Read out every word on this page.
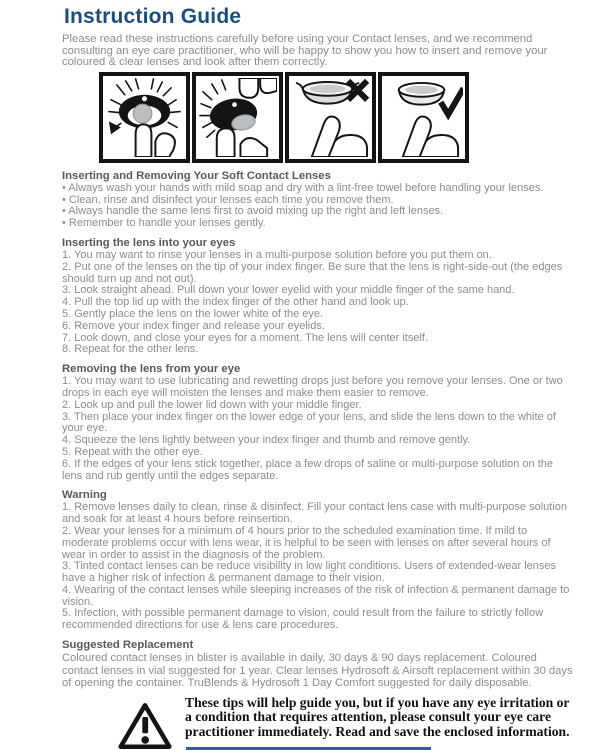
Instruction Guide

Please read these instructions carefully before using your Contact lenses, and we recommend consulting an eye care practitioner, who will be happy to show you how to insert and remove your coloured & clear lenses and look after them correctly.

Inserting and Removing Your Soft Contact Lenses
• Always wash your hands with mild soap and dry with a lint-free towel before handling your lenses.
• Clean, rinse and disinfect your lenses each time you remove them.
• Always handle the same lens first to avoid mixing up the right and left lenses.
• Remember to handle your lenses gently.
Inserting the lens into your eyes
1. You may want to rinse your lenses in a multi-purpose solution before you put them on.
2. Put one of the lenses on the tip of your index finger. Be sure that the lens is right-side-out (the edges should turn up and not out).
3. Look straight ahead. Pull down your lower eyelid with your middle finger of the same hand.
4. Pull the top lid up with the index finger of the other hand and look up.
5. Gently place the lens on the lower white of the eye.
6. Remove your index finger and release your eyelids.
7. Look down, and close your eyes for a moment. The lens will center itself.
8. Repeat for the other lens.
Removing the lens from your eye
1. You may want to use lubricating and rewetting drops just before you remove your lenses. One or two drops in each eye will moisten the lenses and make them easier to remove.
2. Look up and pull the lower lid down with your middle finger.
3. Then place your index finger on the lower edge of your lens, and slide the lens down to the white of your eye.
4. Squeeze the lens lightly between your index finger and thumb and remove gently.
5. Repeat with the other eye.
6. If the edges of your lens stick together, place a few drops of saline or multi-purpose solution on the lens and rub gently until the edges separate.
Warning
1. Remove lenses daily to clean, rinse & disinfect. Fill your contact lens case with multi-purpose solution and soak for at least 4 hours before reinsertion.
2. Wear your lenses for a minimum of 4 hours prior to the scheduled examination time. If mild to moderate problems occur with lens wear, it is helpful to be seen with lenses on after several hours of wear in order to assist in the diagnosis of the problem.
3. Tinted contact lenses can be reduce visibility in low light conditions. Users of extended-wear lenses have a higher risk of infection & permanent damage to their vision.
4. Wearing of the contact lenses while sleeping increases of the risk of infection & permanent damage to vision.
5. Infection, with possible permanent damage to vision, could result from the failure to strictly follow recommended directions for use & lens care procedures.
Suggested Replacement

Coloured contact lenses in blister is available in daily, 30 days & 90 days replacement. Coloured contact lenses in vial suggested for 1 year. Clear lenses Hydrosoft & Airsoft replacement within 30 days of opening the container. TruBlends & Hydrosoft 1 Day Comfort suggested for daily disposable.

These tips will help guide you, but if you have any eye irritation or a condition that requires attention, please consult your eye care practitioner immediately. Read and save the enclosed information.
